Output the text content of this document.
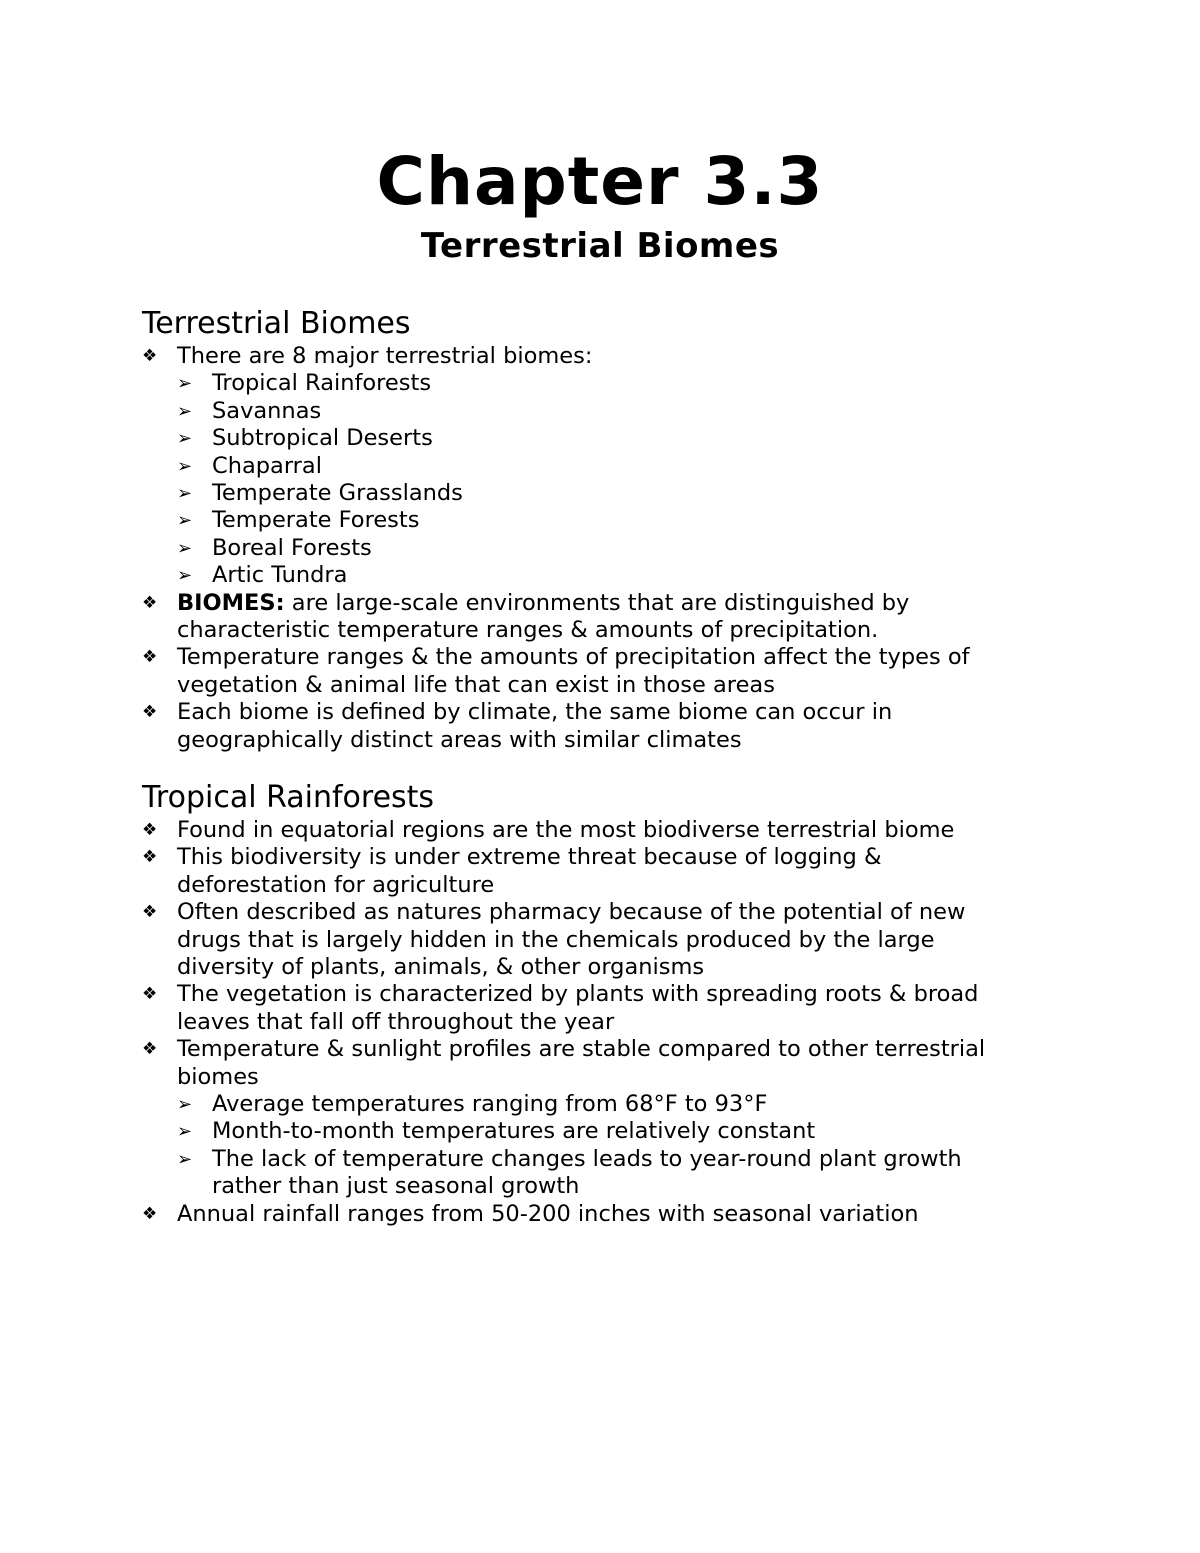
Chapter 3.3
Terrestrial Biomes
Terrestrial Biomes
❖ There are 8 major terrestrial biomes:
➢ Tropical Rainforests
➢ Savannas
➢ Subtropical Deserts
➢ Chaparral
➢ Temperate Grasslands
➢ Temperate Forests
➢ Boreal Forests
➢ Artic Tundra
❖ BIOMES: are large-scale environments that are distinguished by
characteristic temperature ranges & amounts of precipitation.
❖ Temperature ranges & the amounts of precipitation affect the types of
vegetation & animal life that can exist in those areas
❖ Each biome is defined by climate, the same biome can occur in
geographically distinct areas with similar climates
Tropical Rainforests
❖ Found in equatorial regions are the most biodiverse terrestrial biome
❖ This biodiversity is under extreme threat because of logging &
deforestation for agriculture
❖ Often described as natures pharmacy because of the potential of new
drugs that is largely hidden in the chemicals produced by the large
diversity of plants, animals, & other organisms
❖ The vegetation is characterized by plants with spreading roots & broad
leaves that fall off throughout the year
❖ Temperature & sunlight profiles are stable compared to other terrestrial
biomes
➢ Average temperatures ranging from 68°F to 93°F
➢ Month-to-month temperatures are relatively constant
➢ The lack of temperature changes leads to year-round plant growth
rather than just seasonal growth
❖ Annual rainfall ranges from 50-200 inches with seasonal variation
